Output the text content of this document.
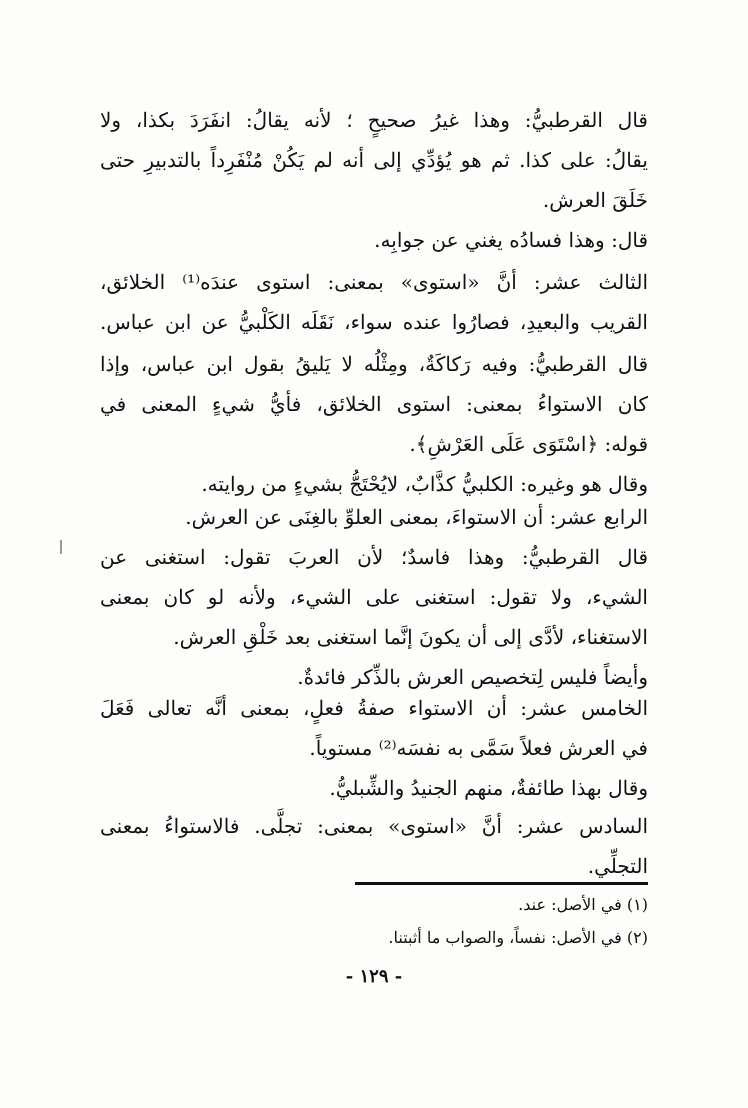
قال القرطبيُّ: وهذا غيرُ صحيحٍ ؛ لأنه يقالُ: انفَرَدَ بكذا، ولا
يقالُ: على كذا. ثم هو يُؤدِّي إلى أنه لم يَكُنْ مُنْفَرِداً بالتدبيرِ حتى
خَلَقَ العرش.
قال: وهذا فسادُه يغني عن جوابِه.
الثالث عشر: أنَّ «استوى» بمعنى: استوى عندَه⁽¹⁾ الخلائق،
القريب والبعيدِ، فصارُوا عنده سواء، نَقَلَه الكَلْبيُّ عن ابن عباس.
قال القرطبيُّ: وفيه رَكاكَةٌ، ومِثْلُه لا يَليقُ بقول ابن عباس، وإذا
كان الاستواءُ بمعنى: استوى الخلائق، فأيُّ شيءٍ المعنى في
قوله: ﴿اسْتَوَى عَلَى العَرْشِ﴾.
وقال هو وغيره: الكلبيُّ كذَّابٌ، لايُحْتَجُّ بشيءٍ من روايته.
الرابع عشر: أن الاستواءَ، بمعنى العلوِّ بالغِنَى عن العرش.
قال القرطبيُّ: وهذا فاسدٌ؛ لأن العربَ تقول: استغنى عن
الشيء، ولا تقول: استغنى على الشيء، ولأنه لو كان بمعنى
الاستغناء، لأدَّى إلى أن يكونَ إنَّما استغنى بعد خَلْقِ العرش.
وأيضاً فليس لِتخصيص العرش بالذِّكر فائدةٌ.
الخامس عشر: أن الاستواء صفةُ فعلٍ، بمعنى أنَّه تعالى فَعَلَ
في العرش فعلاً سَمَّى به نفسَه⁽²⁾ مستوياً.
وقال بهذا طائفةٌ، منهم الجنيدُ والشِّبليُّ.
السادس عشر: أنَّ «استوى» بمعنى: تجلَّى. فالاستواءُ بمعنى
التجلِّي.
(١) في الأصل: عند.
(٢) في الأصل: نفساً، والصواب ما أثبتنا.
- ١٢٩ -
